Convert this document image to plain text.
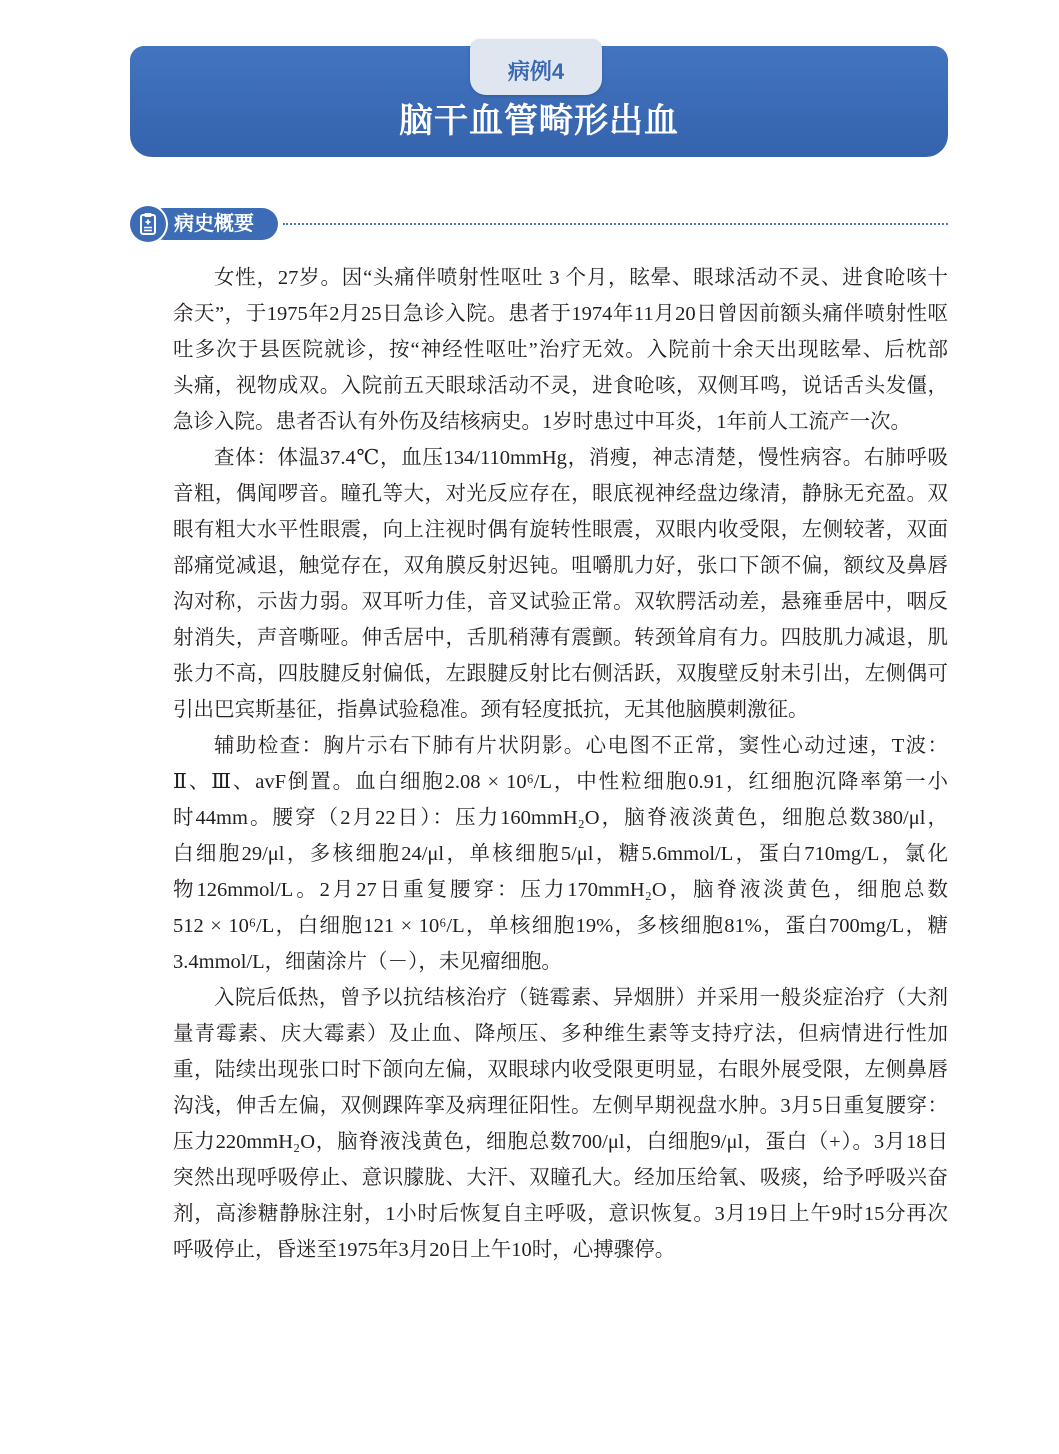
病例4
脑干血管畸形出血
病史概要
女性，27岁。因“头痛伴喷射性呕吐 3 个月，眩晕、眼球活动不灵、进食呛咳十
余天”，于1975年2月25日急诊入院。患者于1974年11月20日曾因前额头痛伴喷射性呕
吐多次于县医院就诊，按“神经性呕吐”治疗无效。入院前十余天出现眩晕、后枕部
头痛，视物成双。入院前五天眼球活动不灵，进食呛咳，双侧耳鸣，说话舌头发僵，
急诊入院。患者否认有外伤及结核病史。1岁时患过中耳炎，1年前人工流产一次。
查体：体温37.4℃，血压134/110mmHg，消瘦，神志清楚，慢性病容。右肺呼吸
音粗，偶闻啰音。瞳孔等大，对光反应存在，眼底视神经盘边缘清，静脉无充盈。双
眼有粗大水平性眼震，向上注视时偶有旋转性眼震，双眼内收受限，左侧较著，双面
部痛觉减退，触觉存在，双角膜反射迟钝。咀嚼肌力好，张口下颌不偏，额纹及鼻唇
沟对称，示齿力弱。双耳听力佳，音叉试验正常。双软腭活动差，悬雍垂居中，咽反
射消失，声音嘶哑。伸舌居中，舌肌稍薄有震颤。转颈耸肩有力。四肢肌力减退，肌
张力不高，四肢腱反射偏低，左跟腱反射比右侧活跃，双腹壁反射未引出，左侧偶可
引出巴宾斯基征，指鼻试验稳准。颈有轻度抵抗，无其他脑膜刺激征。
辅助检查：胸片示右下肺有片状阴影。心电图不正常，窦性心动过速，T波：
Ⅱ、Ⅲ、avF倒置。血白细胞2.08 × 10⁶/L，中性粒细胞0.91，红细胞沉降率第一小
时44mm。腰穿（2月22日）：压力160mmH₂O，脑脊液淡黄色，细胞总数380/μl，
白细胞29/μl，多核细胞24/μl，单核细胞5/μl，糖5.6mmol/L，蛋白710mg/L，氯化
物126mmol/L。2月27日重复腰穿：压力170mmH₂O，脑脊液淡黄色，细胞总数
512 × 10⁶/L，白细胞121 × 10⁶/L，单核细胞19%，多核细胞81%，蛋白700mg/L，糖
3.4mmol/L，细菌涂片（－），未见瘤细胞。
入院后低热，曾予以抗结核治疗（链霉素、异烟肼）并采用一般炎症治疗（大剂
量青霉素、庆大霉素）及止血、降颅压、多种维生素等支持疗法，但病情进行性加
重，陆续出现张口时下颌向左偏，双眼球内收受限更明显，右眼外展受限，左侧鼻唇
沟浅，伸舌左偏，双侧踝阵挛及病理征阳性。左侧早期视盘水肿。3月5日重复腰穿：
压力220mmH₂O，脑脊液浅黄色，细胞总数700/μl，白细胞9/μl，蛋白（+）。3月18日
突然出现呼吸停止、意识朦胧、大汗、双瞳孔大。经加压给氧、吸痰，给予呼吸兴奋
剂，高渗糖静脉注射，1小时后恢复自主呼吸，意识恢复。3月19日上午9时15分再次
呼吸停止，昏迷至1975年3月20日上午10时，心搏骤停。
